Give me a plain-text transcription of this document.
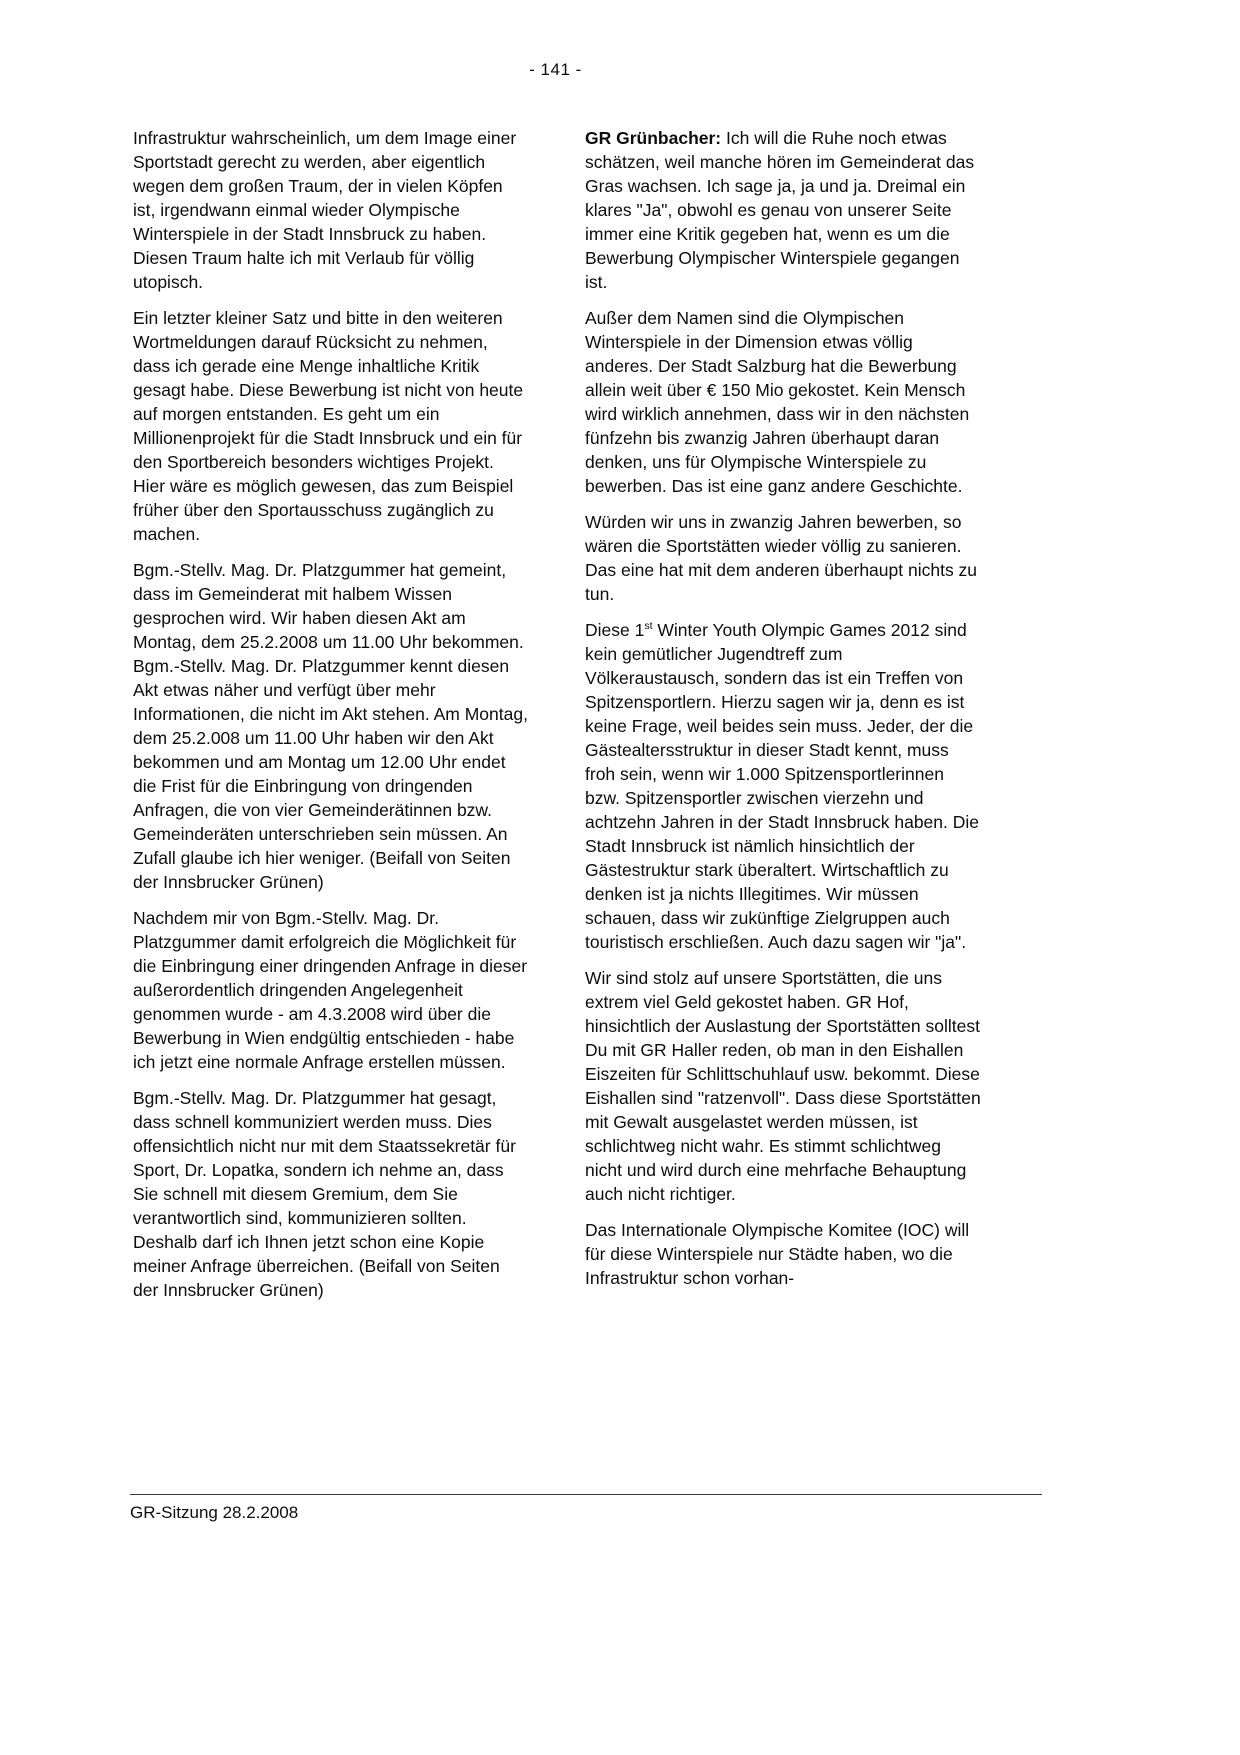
- 141 -

Infrastruktur wahrscheinlich, um dem Image einer Sportstadt gerecht zu werden, aber eigentlich wegen dem großen Traum, der in vielen Köpfen ist, irgendwann einmal wieder Olympische Winterspiele in der Stadt Innsbruck zu haben. Diesen Traum halte ich mit Verlaub für völlig utopisch.

Ein letzter kleiner Satz und bitte in den weiteren Wortmeldungen darauf Rücksicht zu nehmen, dass ich gerade eine Menge inhaltliche Kritik gesagt habe. Diese Bewerbung ist nicht von heute auf morgen entstanden. Es geht um ein Millionenprojekt für die Stadt Innsbruck und ein für den Sportbereich besonders wichtiges Projekt. Hier wäre es möglich gewesen, das zum Beispiel früher über den Sportausschuss zugänglich zu machen.

Bgm.-Stellv. Mag. Dr. Platzgummer hat gemeint, dass im Gemeinderat mit halbem Wissen gesprochen wird. Wir haben diesen Akt am Montag, dem 25.2.2008 um 11.00 Uhr bekommen. Bgm.-Stellv. Mag. Dr. Platzgummer kennt diesen Akt etwas näher und verfügt über mehr Informationen, die nicht im Akt stehen. Am Montag, dem 25.2.008 um 11.00 Uhr haben wir den Akt bekommen und am Montag um 12.00 Uhr endet die Frist für die Einbringung von dringenden Anfragen, die von vier Gemeinderätinnen bzw. Gemeinderäten unterschrieben sein müssen. An Zufall glaube ich hier weniger. (Beifall von Seiten der Innsbrucker Grünen)

Nachdem mir von Bgm.-Stellv. Mag. Dr. Platzgummer damit erfolgreich die Möglichkeit für die Einbringung einer dringenden Anfrage in dieser außerordentlich dringenden Angelegenheit genommen wurde - am 4.3.2008 wird über die Bewerbung in Wien endgültig entschieden - habe ich jetzt eine normale Anfrage erstellen müssen.

Bgm.-Stellv. Mag. Dr. Platzgummer hat gesagt, dass schnell kommuniziert werden muss. Dies offensichtlich nicht nur mit dem Staatssekretär für Sport, Dr. Lopatka, sondern ich nehme an, dass Sie schnell mit diesem Gremium, dem Sie verantwortlich sind, kommunizieren sollten. Deshalb darf ich Ihnen jetzt schon eine Kopie meiner Anfrage überreichen. (Beifall von Seiten der Innsbrucker Grünen)

GR Grünbacher: Ich will die Ruhe noch etwas schätzen, weil manche hören im Gemeinderat das Gras wachsen. Ich sage ja, ja und ja. Dreimal ein klares "Ja", obwohl es genau von unserer Seite immer eine Kritik gegeben hat, wenn es um die Bewerbung Olympischer Winterspiele gegangen ist.

Außer dem Namen sind die Olympischen Winterspiele in der Dimension etwas völlig anderes. Der Stadt Salzburg hat die Bewerbung allein weit über € 150 Mio gekostet. Kein Mensch wird wirklich annehmen, dass wir in den nächsten fünfzehn bis zwanzig Jahren überhaupt daran denken, uns für Olympische Winterspiele zu bewerben. Das ist eine ganz andere Geschichte.

Würden wir uns in zwanzig Jahren bewerben, so wären die Sportstätten wieder völlig zu sanieren. Das eine hat mit dem anderen überhaupt nichts zu tun.

Diese 1st Winter Youth Olympic Games 2012 sind kein gemütlicher Jugendtreff zum Völkeraustausch, sondern das ist ein Treffen von Spitzensportlern. Hierzu sagen wir ja, denn es ist keine Frage, weil beides sein muss. Jeder, der die Gästealtersstruktur in dieser Stadt kennt, muss froh sein, wenn wir 1.000 Spitzensportlerinnen bzw. Spitzensportler zwischen vierzehn und achtzehn Jahren in der Stadt Innsbruck haben. Die Stadt Innsbruck ist nämlich hinsichtlich der Gästestruktur stark überaltert. Wirtschaftlich zu denken ist ja nichts Illegitimes. Wir müssen schauen, dass wir zukünftige Zielgruppen auch touristisch erschließen. Auch dazu sagen wir "ja".

Wir sind stolz auf unsere Sportstätten, die uns extrem viel Geld gekostet haben. GR Hof, hinsichtlich der Auslastung der Sportstätten solltest Du mit GR Haller reden, ob man in den Eishallen Eiszeiten für Schlittschuhlauf usw. bekommt. Diese Eishallen sind "ratzenvoll". Dass diese Sportstätten mit Gewalt ausgelastet werden müssen, ist schlichtweg nicht wahr. Es stimmt schlichtweg nicht und wird durch eine mehrfache Behauptung auch nicht richtiger.

Das Internationale Olympische Komitee (IOC) will für diese Winterspiele nur Städte haben, wo die Infrastruktur schon vorhan-

GR-Sitzung 28.2.2008
